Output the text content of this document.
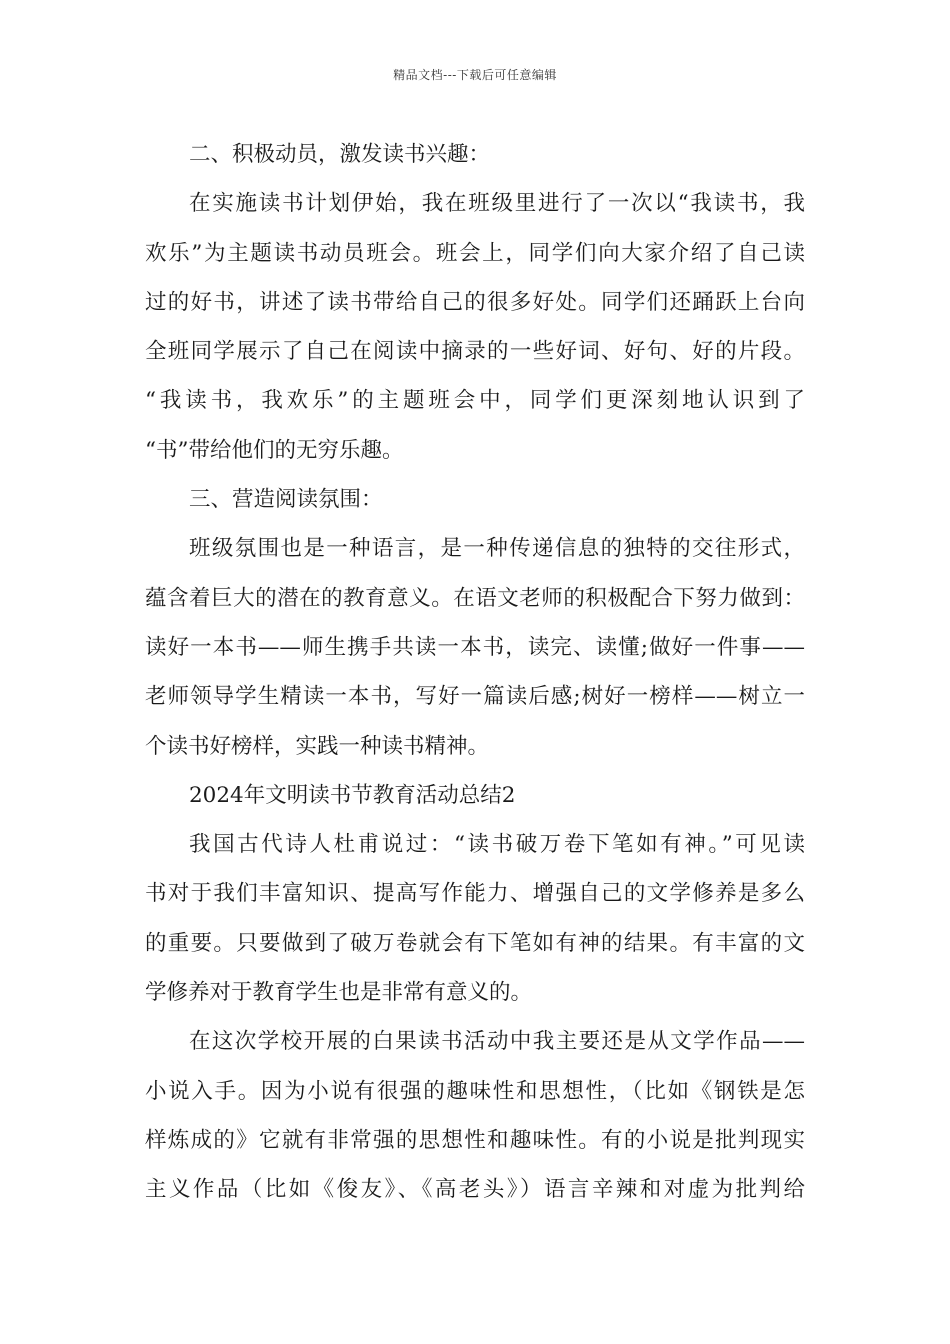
精品文档---下载后可任意编辑
二、积极动员，激发读书兴趣：
在实施读书计划伊始，我在班级里进行了一次以“我读书，我
欢乐”为主题读书动员班会。班会上，同学们向大家介绍了自己读
过的好书，讲述了读书带给自己的很多好处。同学们还踊跃上台向
全班同学展示了自己在阅读中摘录的一些好词、好句、好的片段。
“我读书，我欢乐”的主题班会中，同学们更深刻地认识到了
“书”带给他们的无穷乐趣。
三、营造阅读氛围：
班级氛围也是一种语言，是一种传递信息的独特的交往形式，
蕴含着巨大的潜在的教育意义。在语文老师的积极配合下努力做到：
读好一本书——师生携手共读一本书，读完、读懂;做好一件事——
老师领导学生精读一本书，写好一篇读后感;树好一榜样——树立一
个读书好榜样，实践一种读书精神。
2024年文明读书节教育活动总结2
我国古代诗人杜甫说过：“读书破万卷下笔如有神。”可见读
书对于我们丰富知识、提高写作能力、增强自己的文学修养是多么
的重要。只要做到了破万卷就会有下笔如有神的结果。有丰富的文
学修养对于教育学生也是非常有意义的。
在这次学校开展的白果读书活动中我主要还是从文学作品——
小说入手。因为小说有很强的趣味性和思想性，（比如《钢铁是怎
样炼成的》它就有非常强的思想性和趣味性。有的小说是批判现实
主义作品（比如《俊友》、《高老头》）语言辛辣和对虚为批判给
